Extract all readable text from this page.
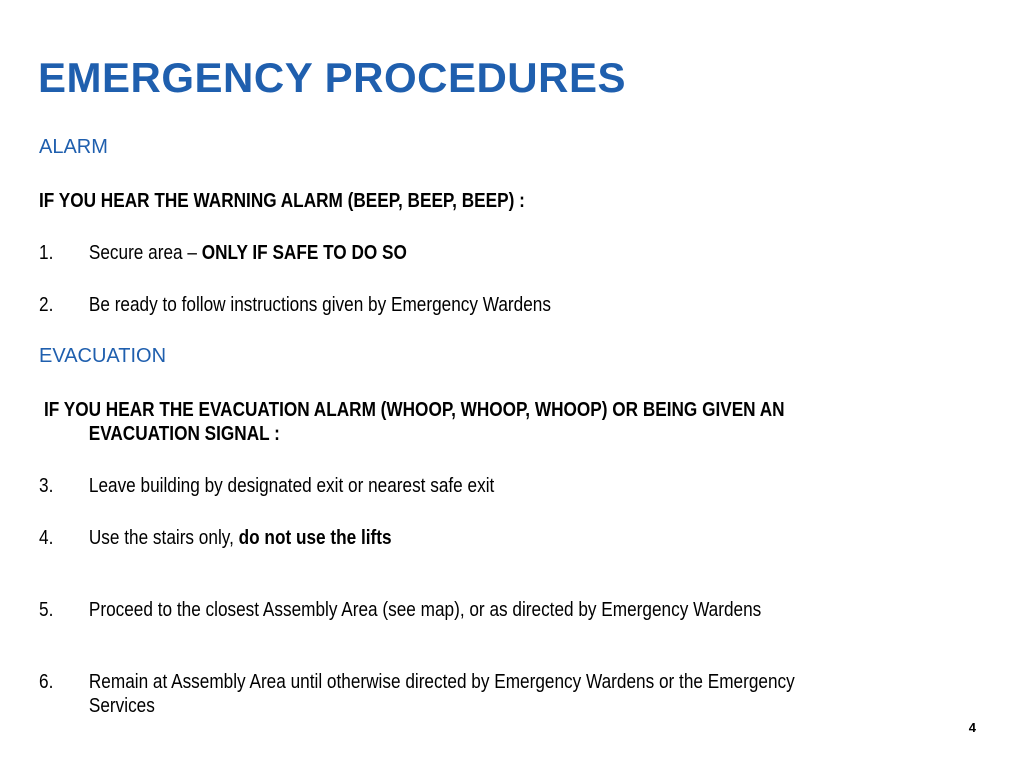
EMERGENCY PROCEDURES
ALARM
IF YOU HEAR THE WARNING ALARM (BEEP, BEEP, BEEP) :
1. Secure area – ONLY IF SAFE TO DO SO
2. Be ready to follow instructions given by Emergency Wardens
EVACUATION
IF YOU HEAR THE EVACUATION ALARM (WHOOP, WHOOP, WHOOP) OR BEING GIVEN AN
EVACUATION SIGNAL :
3. Leave building by designated exit or nearest safe exit
4. Use the stairs only, do not use the lifts
5. Proceed to the closest Assembly Area (see map), or as directed by Emergency Wardens
6. Remain at Assembly Area until otherwise directed by Emergency Wardens or the Emergency
Services
4
